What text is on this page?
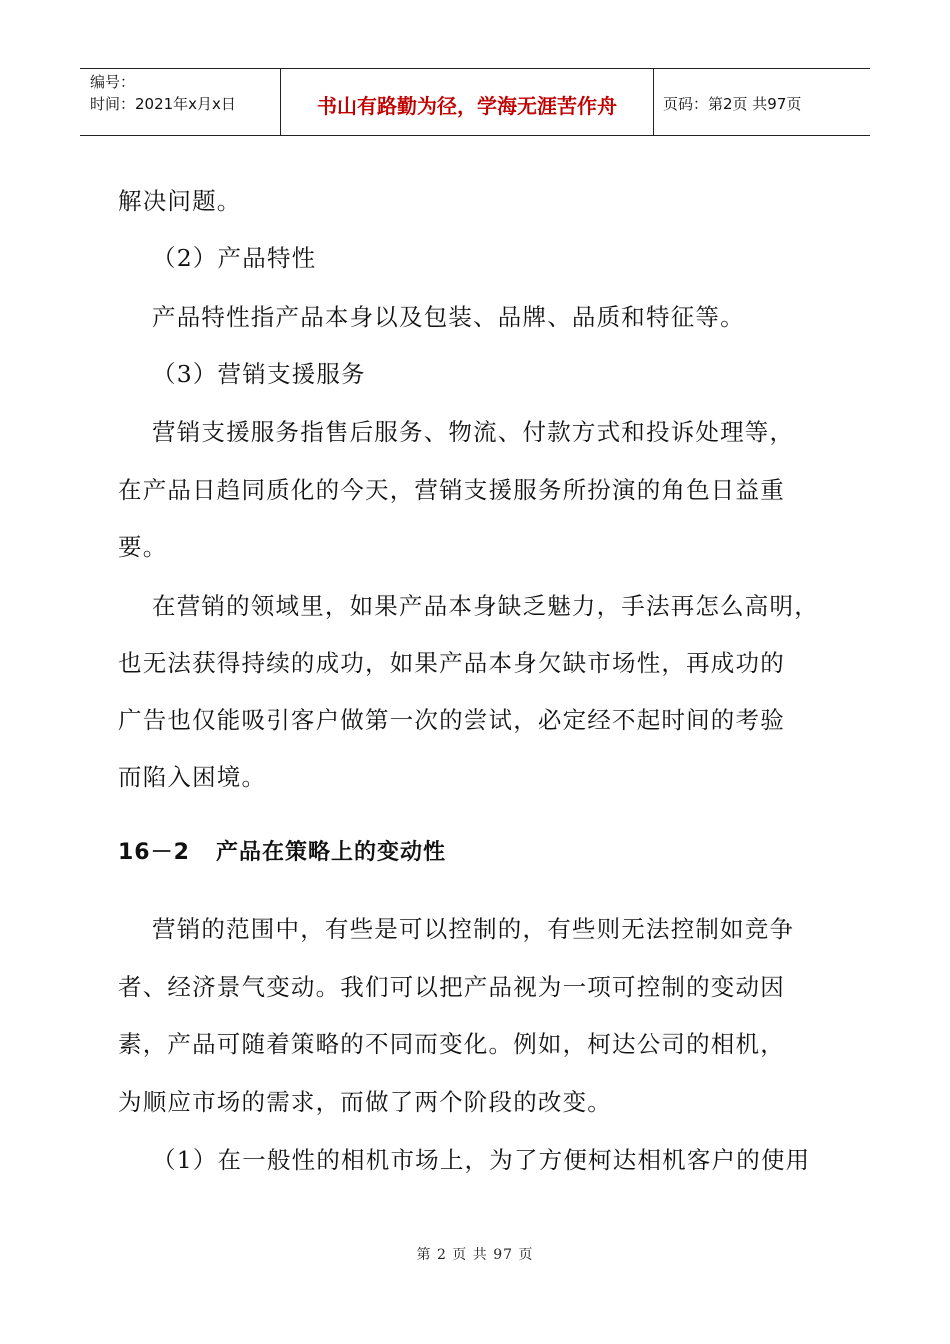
编号：
时间：2021年x月x日	书山有路勤为径，学海无涯苦作舟	页码：第2页 共97页
解决问题。
（2）产品特性
产品特性指产品本身以及包装、品牌、品质和特征等。
（3）营销支援服务
营销支援服务指售后服务、物流、付款方式和投诉处理等，
在产品日趋同质化的今天，营销支援服务所扮演的角色日益重
要。
在营销的领域里，如果产品本身缺乏魅力，手法再怎么高明，
也无法获得持续的成功，如果产品本身欠缺市场性，再成功的
广告也仅能吸引客户做第一次的尝试，必定经不起时间的考验
而陷入困境。
16－2 产品在策略上的变动性
营销的范围中，有些是可以控制的，有些则无法控制如竞争
者、经济景气变动。我们可以把产品视为一项可控制的变动因
素，产品可随着策略的不同而变化。例如，柯达公司的相机，
为顺应市场的需求，而做了两个阶段的改变。
（1）在一般性的相机市场上，为了方便柯达相机客户的使用
第 2 页 共 97 页
